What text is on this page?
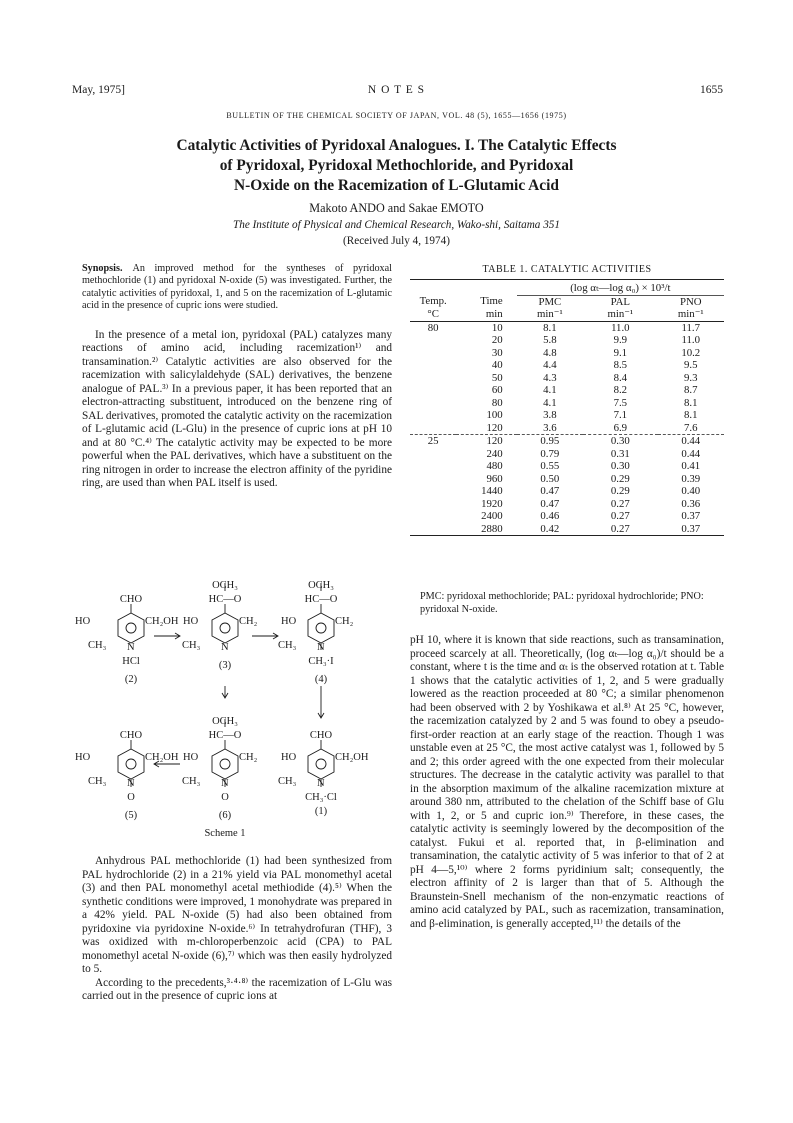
May, 1975]	N O T E S	1655
BULLETIN OF THE CHEMICAL SOCIETY OF JAPAN, VOL. 48 (5), 1655—1656 (1975)
Catalytic Activities of Pyridoxal Analogues. I. The Catalytic Effects
of Pyridoxal, Pyridoxal Methochloride, and Pyridoxal
N-Oxide on the Racemization of L-Glutamic Acid
Makoto ANDO and Sakae EMOTO
The Institute of Physical and Chemical Research, Wako-shi, Saitama 351
(Received July 4, 1974)

Synopsis. An improved method for the syntheses of pyridoxal methochloride (1) and pyridoxal N-oxide (5) was investigated. Further, the catalytic activities of pyridoxal, 1, and 5 on the racemization of L-glutamic acid in the presence of cupric ions were studied.

In the presence of a metal ion, pyridoxal (PAL) catalyzes many reactions of amino acid, including racemization¹⁾ and transamination.²⁾ Catalytic activities are also observed for the racemization with salicylaldehyde (SAL) derivatives, the benzene analogue of PAL.³⁾ In a previous paper, it has been reported that an electron-attracting substituent, introduced on the benzene ring of SAL derivatives, promoted the catalytic activity on the racemization of L-glutamic acid (L-Glu) in the presence of cupric ions at pH 10 and at 80 °C.⁴⁾ The catalytic activity may be expected to be more powerful when the PAL derivatives, which have a substituent on the ring nitrogen in order to increase the electron affinity of the pyridine ring, are used than when PAL itself is used.

CHO
HO	CH₂OH
CH₃ N
HCl
(2)
OCH₃
HC—O
HO	CH₂
CH₃ N
(3)
OCH₃
HC—O
HO	CH₂
CH₃ N
CH₃·I
(4)
CHO
HO	CH₂OH
CH₃ N
O
(5)
OCH₃
HC—O
HO	CH₂
CH₃ N
O
(6)
CHO
HO	CH₂OH
CH₃ N
CH₃·Cl
(1)
Scheme 1

Anhydrous PAL methochloride (1) had been synthesized from PAL hydrochloride (2) in a 21% yield via PAL monomethyl acetal (3) and then PAL monomethyl acetal methiodide (4).⁵⁾ When the synthetic conditions were improved, 1 monohydrate was prepared in a 42% yield. PAL N-oxide (5) had also been obtained from pyridoxine via pyridoxine N-oxide.⁶⁾ In tetrahydrofuran (THF), 3 was oxidized with m-chloroperbenzoic acid (CPA) to PAL monomethyl acetal N-oxide (6),⁷⁾ which was then easily hydrolyzed to 5.

According to the precedents,³·⁴·⁸⁾ the racemization of L-Glu was carried out in the presence of cupric ions at

TABLE 1. CATALYTIC ACTIVITIES
		(log αₜ—log α₀) × 10³/t		
Temp.	Time	PMC	PAL	PNO
°C	min	min⁻¹	min⁻¹	min⁻¹
80	10	8.1	11.0	11.7
	20	5.8	9.9	11.0
	30	4.8	9.1	10.2
	40	4.4	8.5	9.5
	50	4.3	8.4	9.3
	60	4.1	8.2	8.7
	80	4.1	7.5	8.1
	100	3.8	7.1	8.1
	120	3.6	6.9	7.6
25	120	0.95	0.30	0.44
	240	0.79	0.31	0.44
	480	0.55	0.30	0.41
	960	0.50	0.29	0.39
	1440	0.47	0.29	0.40
	1920	0.47	0.27	0.36
	2400	0.46	0.27	0.37
	2880	0.42	0.27	0.37

PMC: pyridoxal methochloride; PAL: pyridoxal hydrochloride; PNO: pyridoxal N-oxide.

pH 10, where it is known that side reactions, such as transamination, proceed scarcely at all. Theoretically, (log αₜ—log α₀)/t should be a constant, where t is the time and αₜ is the observed rotation at t. Table 1 shows that the catalytic activities of 1, 2, and 5 were gradually lowered as the reaction proceeded at 80 °C; a similar phenomenon had been observed with 2 by Yoshikawa et al.⁸⁾ At 25 °C, however, the racemization catalyzed by 2 and 5 was found to obey a pseudo-first-order reaction at an early stage of the reaction. Though 1 was unstable even at 25 °C, the most active catalyst was 1, followed by 5 and 2; this order agreed with the one expected from their molecular structures. The decrease in the catalytic activity was parallel to that in the absorption maximum of the alkaline racemization mixture at around 380 nm, attributed to the chelation of the Schiff base of Glu with 1, 2, or 5 and cupric ion.⁹⁾ Therefore, in these cases, the catalytic activity is seemingly lowered by the decomposition of the catalyst. Fukui et al. reported that, in β-elimination and transamination, the catalytic activity of 5 was inferior to that of 2 at pH 4—5,¹⁰⁾ where 2 forms pyridinium salt; consequently, the electron affinity of 2 is larger than that of 5. Although the Braunstein-Snell mechanism of the non-enzymatic reactions of amino acid catalyzed by PAL, such as racemization, transamination, and β-elimination, is generally accepted,¹¹⁾ the details of the
